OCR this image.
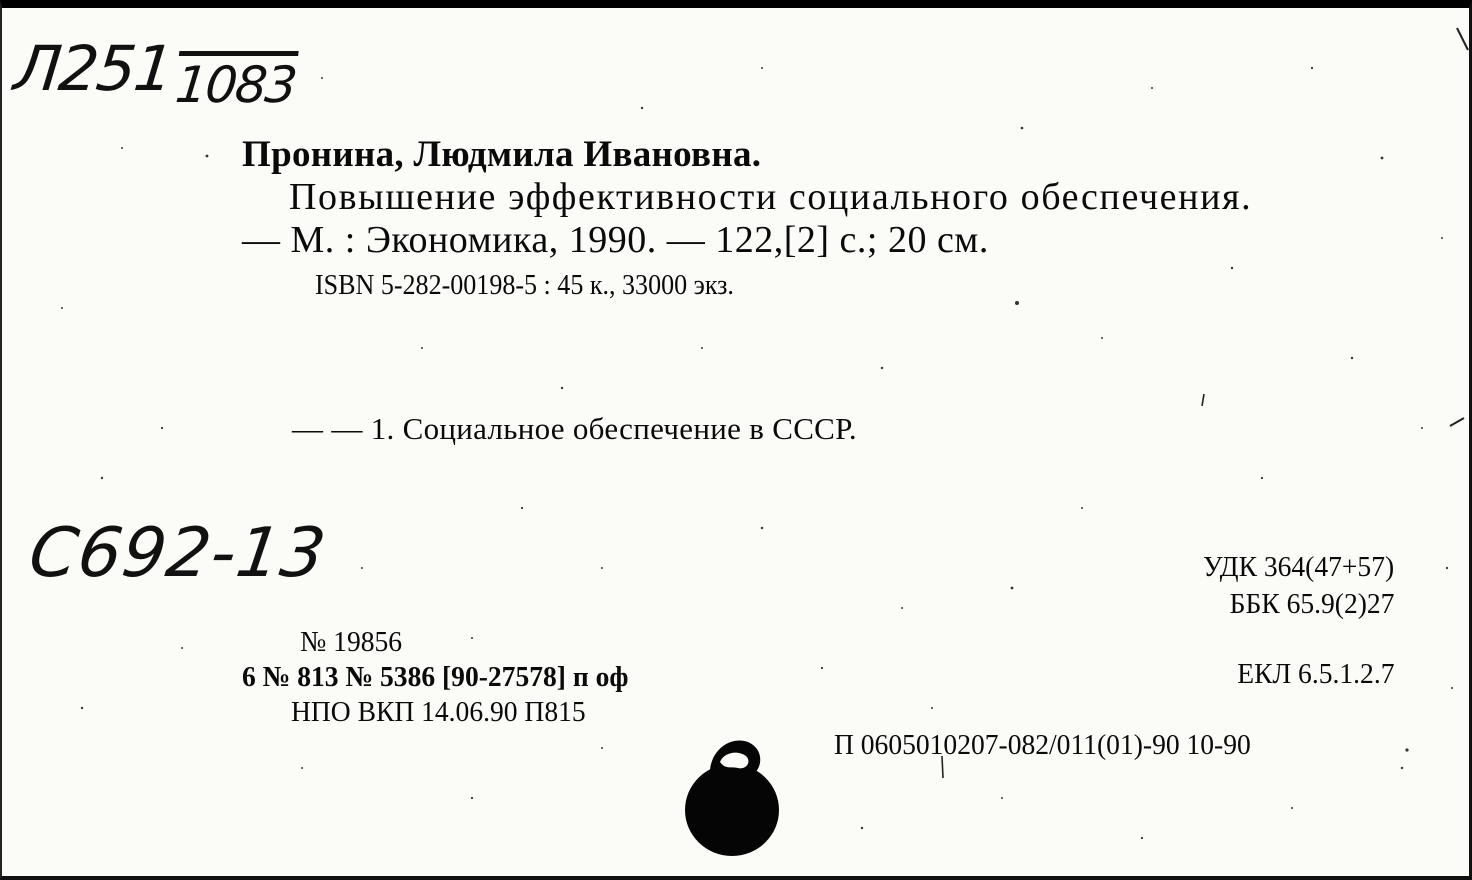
Л2511083
Пронина, Людмила Ивановна.
Повышение эффективности социального обеспечения.
— М. : Экономика, 1990. — 122,[2] с.; 20 см.
ISBN 5-282-00198-5 : 45 к., 33000 экз.
— — 1. Социальное обеспечение в СССР.
С692-13	УДК 364(47+57)
ББК 65.9(2)27
№ 19856
6 № 813 № 5386 [90-27578] п оф
НПО ВКП 14.06.90 П815
ЕКЛ 6.5.1.2.7
П 0605010207-082/011(01)-90 10-90
